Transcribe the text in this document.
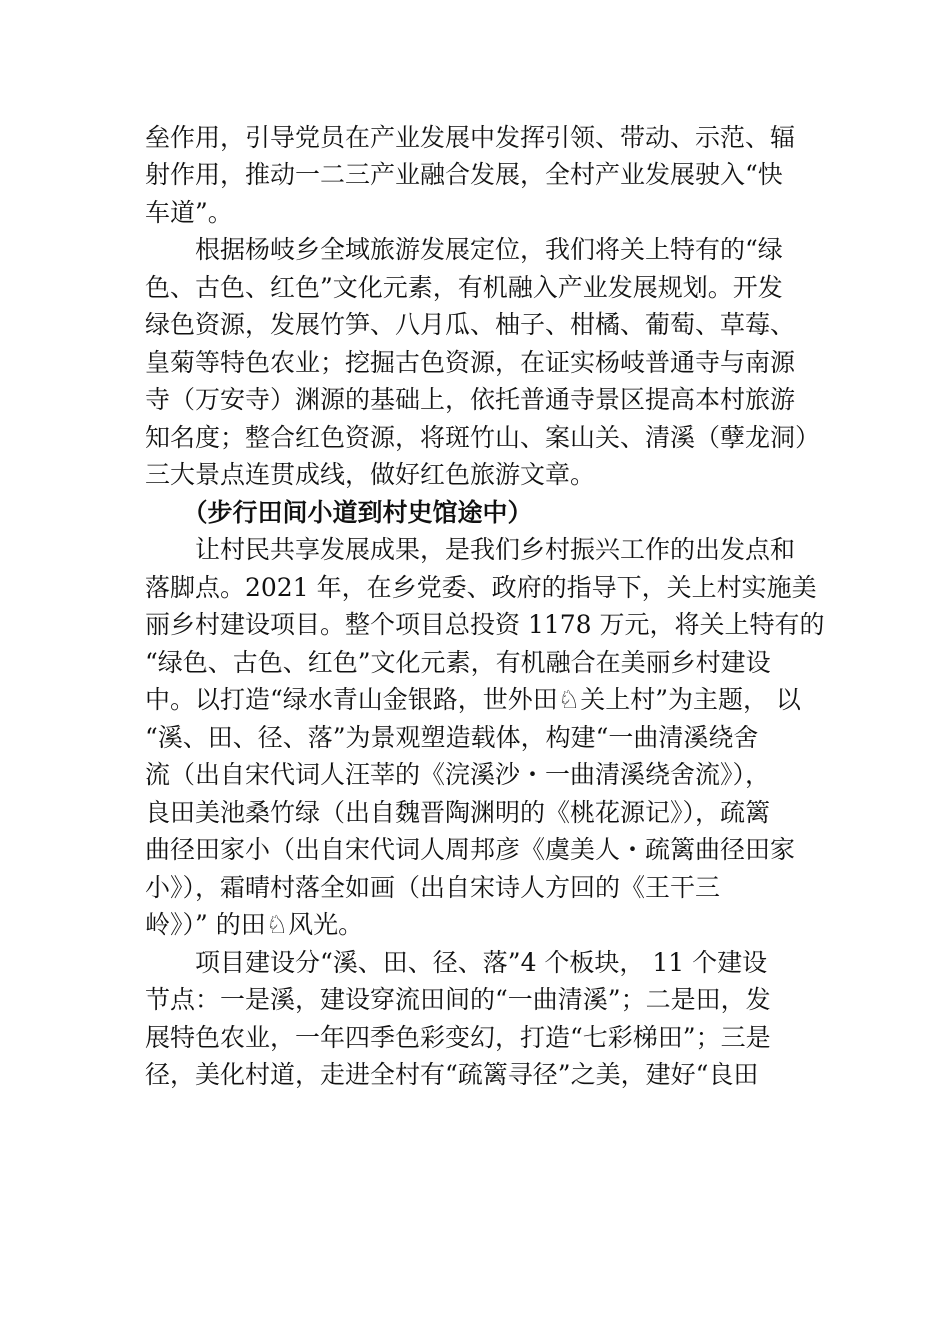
垒作用，引导党员在产业发展中发挥引领、带动、示范、辐
射作用，推动一二三产业融合发展，全村产业发展驶入“快
车道”。
　　根据杨岐乡全域旅游发展定位，我们将关上特有的“绿
色、古色、红色”文化元素，有机融入产业发展规划。开发
绿色资源，发展竹笋、八月瓜、柚子、柑橘、葡萄、草莓、
皇菊等特色农业；挖掘古色资源，在证实杨岐普通寺与南源
寺（万安寺）渊源的基础上，依托普通寺景区提高本村旅游
知名度；整合红色资源，将斑竹山、案山关、清溪（孽龙洞）
三大景点连贯成线，做好红色旅游文章。
　　（步行田间小道到村史馆途中）
　　让村民共享发展成果，是我们乡村振兴工作的出发点和
落脚点。2021 年，在乡党委、政府的指导下，关上村实施美
丽乡村建设项目。整个项目总投资 1178 万元，将关上特有的
“绿色、古色、红色”文化元素，有机融合在美丽乡村建设
中。以打造“绿水青山金银路，世外田♘关上村”为主题， 以
“溪、田、径、落”为景观塑造载体，构建“一曲清溪绕舍
流（出自宋代词人汪莘的《浣溪沙・一曲清溪绕舍流》），
良田美池桑竹绿（出自魏晋陶渊明的《桃花源记》），疏篱
曲径田家小（出自宋代词人周邦彦《虞美人・疏篱曲径田家
小》），霜晴村落全如画（出自宋诗人方回的《王干三
岭》）” 的田♘风光。
　　项目建设分“溪、田、径、落”4 个板块， 11 个建设
节点：一是溪，建设穿流田间的“一曲清溪”；二是田，发
展特色农业，一年四季色彩变幻，打造“七彩梯田”；三是
径，美化村道，走进全村有“疏篱寻径”之美，建好“良田
